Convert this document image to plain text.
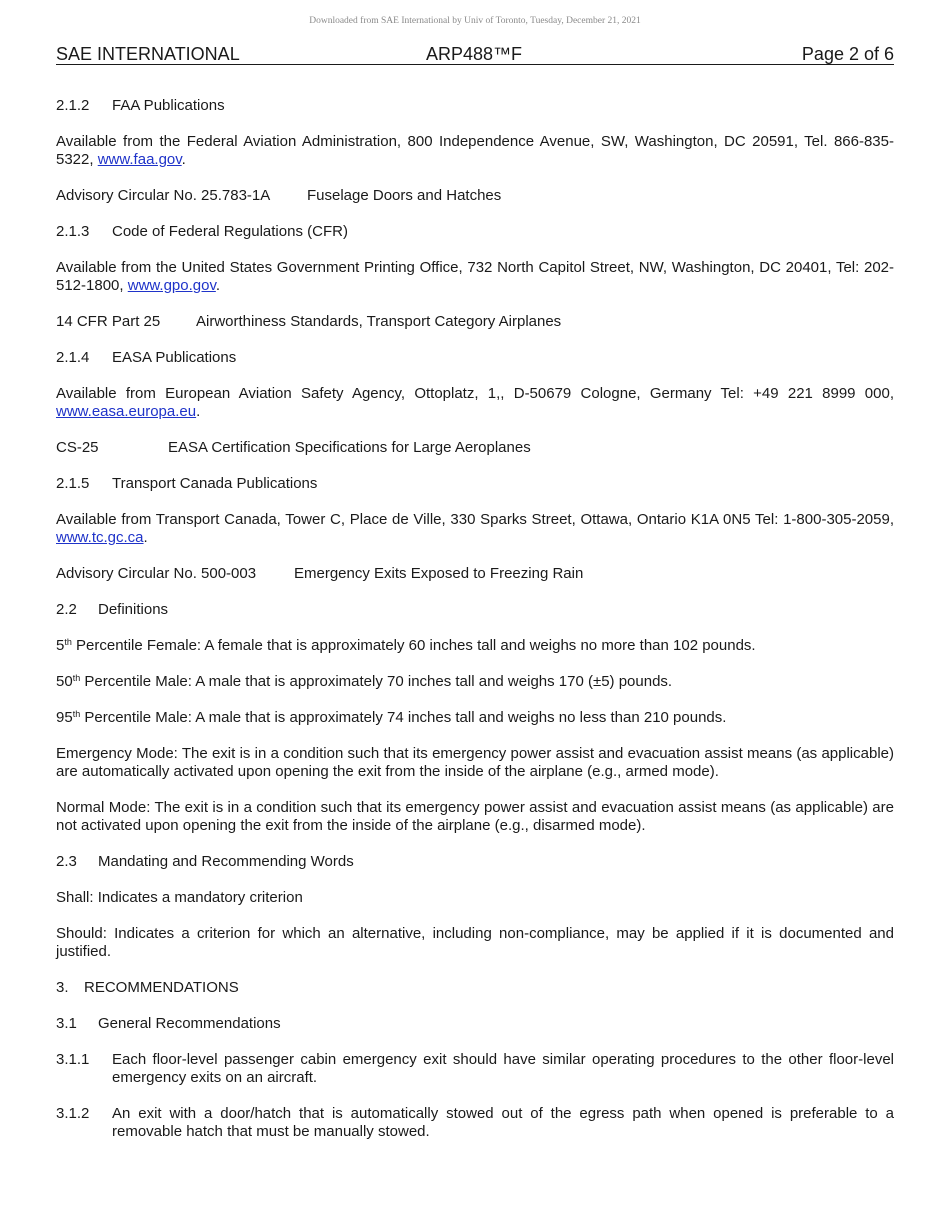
Downloaded from SAE International by Univ of Toronto, Tuesday, December 21, 2021
SAE INTERNATIONAL	ARP488™F	Page 2 of 6

2.1.2 FAA Publications

Available from the Federal Aviation Administration, 800 Independence Avenue, SW, Washington, DC 20591, Tel. 866-835-5322, www.faa.gov.

Advisory Circular No. 25.783-1A Fuselage Doors and Hatches

2.1.3 Code of Federal Regulations (CFR)

Available from the United States Government Printing Office, 732 North Capitol Street, NW, Washington, DC 20401, Tel: 202-512-1800, www.gpo.gov.

14 CFR Part 25 Airworthiness Standards, Transport Category Airplanes

2.1.4 EASA Publications

Available from European Aviation Safety Agency, Ottoplatz, 1,, D-50679 Cologne, Germany Tel: +49 221 8999 000, www.easa.europa.eu.

CS-25	EASA Certification Specifications for Large Aeroplanes

2.1.5 Transport Canada Publications

Available from Transport Canada, Tower C, Place de Ville, 330 Sparks Street, Ottawa, Ontario K1A 0N5 Tel: 1-800-305-2059, www.tc.gc.ca.

Advisory Circular No. 500-003	Emergency Exits Exposed to Freezing Rain

2.2 Definitions

5th Percentile Female: A female that is approximately 60 inches tall and weighs no more than 102 pounds.

50th Percentile Male: A male that is approximately 70 inches tall and weighs 170 (±5) pounds.

95th Percentile Male: A male that is approximately 74 inches tall and weighs no less than 210 pounds.

Emergency Mode: The exit is in a condition such that its emergency power assist and evacuation assist means (as applicable) are automatically activated upon opening the exit from the inside of the airplane (e.g., armed mode).

Normal Mode: The exit is in a condition such that its emergency power assist and evacuation assist means (as applicable) are not activated upon opening the exit from the inside of the airplane (e.g., disarmed mode).

2.3 Mandating and Recommending Words

Shall: Indicates a mandatory criterion

Should: Indicates a criterion for which an alternative, including non-compliance, may be applied if it is documented and justified.

3. RECOMMENDATIONS

3.1 General Recommendations

3.1.1	Each floor-level passenger cabin emergency exit should have similar operating procedures to the other floor-level emergency exits on an aircraft.
3.1.2	An exit with a door/hatch that is automatically stowed out of the egress path when opened is preferable to a removable hatch that must be manually stowed.
